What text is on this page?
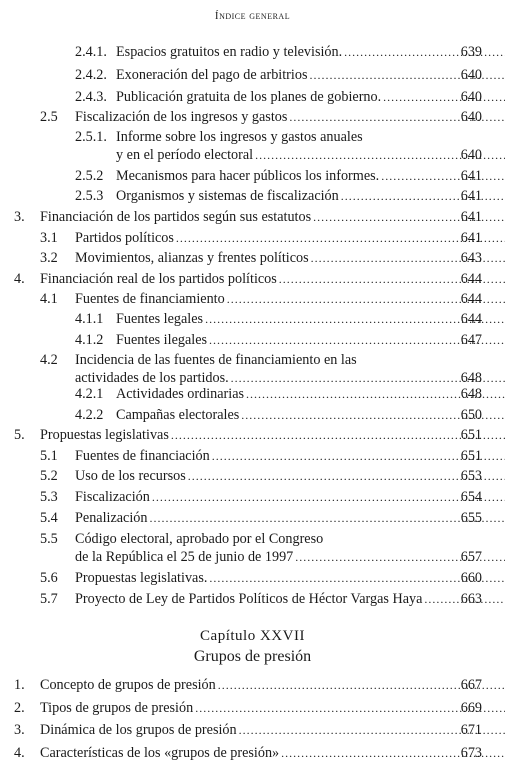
Índice general
2.4.1. Espacios gratuitos en radio y televisión. . . .	639
2.4.2. Exoneración del pago de arbitrios . . .	640
2.4.3. Publicación gratuita de los planes de gobierno. . . .	640
2.5 Fiscalización de los ingresos y gastos . . .	640
2.5.1. Informe sobre los ingresos y gastos anuales
y en el período electoral . . .	640
2.5.2 Mecanismos para hacer públicos los informes. . . .	641
2.5.3 Organismos y sistemas de fiscalización . . .	641
3. Financiación de los partidos según sus estatutos . . .	641
3.1 Partidos políticos . . .	641
3.2 Movimientos, alianzas y frentes políticos . . .	643
4. Financiación real de los partidos políticos . . .	644
4.1 Fuentes de financiamiento . . .	644
4.1.1 Fuentes legales . . .	644
4.1.2 Fuentes ilegales . . .	647
4.2 Incidencia de las fuentes de financiamiento en las
actividades de los partidos. . . .	648
4.2.1 Actividades ordinarias . . .	648
4.2.2 Campañas electorales . . .	650
5. Propuestas legislativas . . .	651
5.1 Fuentes de financiación . . .	651
5.2 Uso de los recursos . . .	653
5.3 Fiscalización . . .	654
5.4 Penalización . . .	655
5.5 Código electoral, aprobado por el Congreso
de la República el 25 de junio de 1997 . . .	657
5.6 Propuestas legislativas. . . .	660
5.7 Proyecto de Ley de Partidos Políticos de Héctor Vargas Haya . . .	663
1. Concepto de grupos de presión . . .	667
2. Tipos de grupos de presión . . .	669
3. Dinámica de los grupos de presión . . .	671
4. Características de los «grupos de presión» . . .	673
Capítulo XXVII
Grupos de presión
